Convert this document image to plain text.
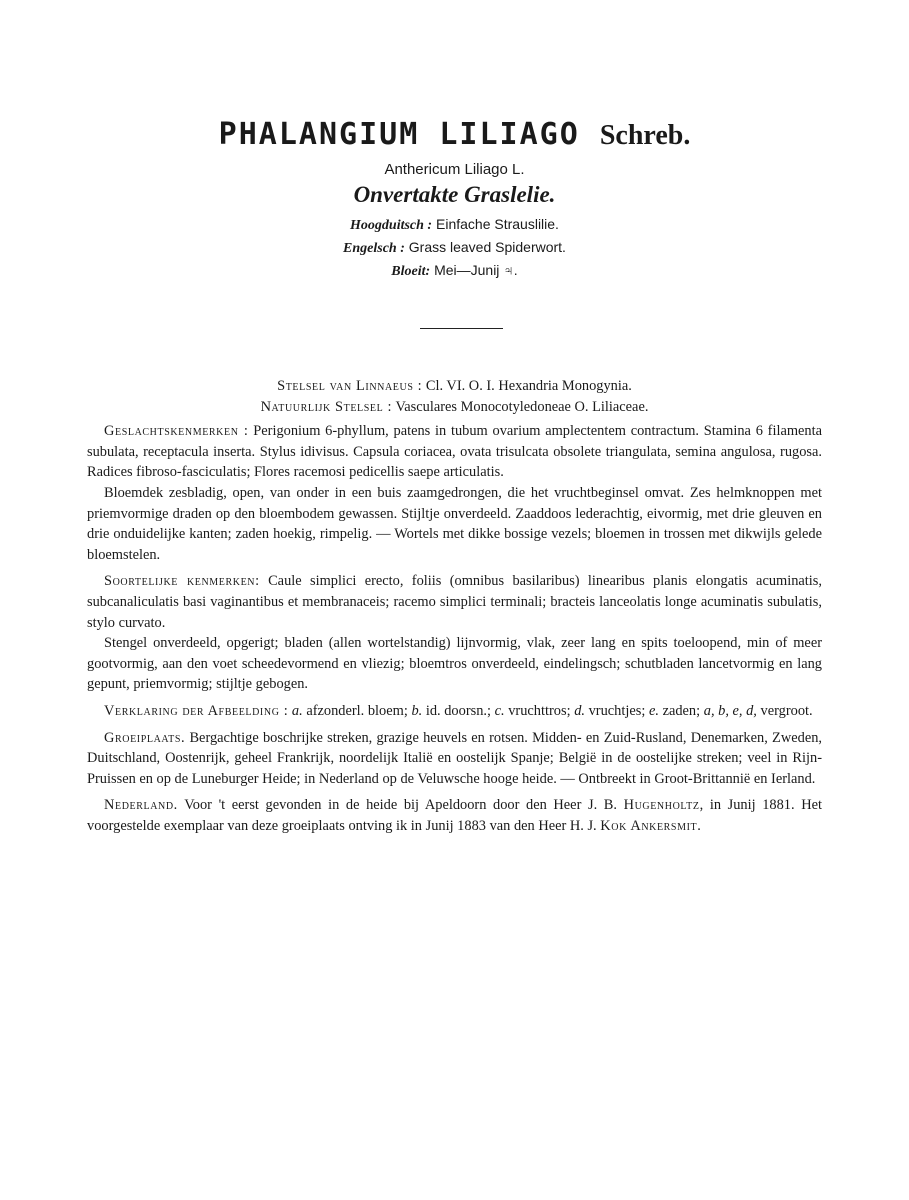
PHALANGIUM LILIAGO Schreb.
Anthericum Liliago L.
Onvertakte Graslelie.
Hoogduitsch : Einfache Strauslilie.
Engelsch : Grass leaved Spiderwort.
Bloeit: Mei—Junij ♃.

Stelsel van Linnaeus : Cl. VI. O. I. Hexandria Monogynia.

Natuurlijk Stelsel : Vasculares Monocotyledoneae O. Liliaceae.

Geslachtskenmerken : Perigonium 6-phyllum, patens in tubum ovarium amplectentem contractum. Stamina 6 filamenta subulata, receptacula inserta. Stylus idivisus. Capsula coriacea, ovata trisulcata obsolete triangulata, semina angulosa, rugosa. Radices fibroso-fasciculatis; Flores racemosi pedicellis saepe articulatis.

Bloemdek zesbladig, open, van onder in een buis zaamgedrongen, die het vruchtbeginsel omvat. Zes helmknoppen met priemvormige draden op den bloembodem gewassen. Stijltje onverdeeld. Zaaddoos lederachtig, eivormig, met drie gleuven en drie onduidelijke kanten; zaden hoekig, rimpelig. — Wortels met dikke bossige vezels; bloemen in trossen met dikwijls gelede bloemstelen.

Soortelijke kenmerken: Caule simplici erecto, foliis (omnibus basilaribus) linearibus planis elongatis acuminatis, subcanaliculatis basi vaginantibus et membranaceis; racemo simplici terminali; bracteis lanceolatis longe acuminatis subulatis, stylo curvato.

Stengel onverdeeld, opgerigt; bladen (allen wortelstandig) lijnvormig, vlak, zeer lang en spits toeloopend, min of meer gootvormig, aan den voet scheedevormend en vliezig; bloemtros onverdeeld, eindelingsch; schutbladen lancetvormig en lang gepunt, priemvormig; stijltje gebogen.

Verklaring der Afbeelding : a. afzonderl. bloem; b. id. doorsn.; c. vruchttros; d. vruchtjes; e. zaden; a, b, e, d, vergroot.

Groeiplaats. Bergachtige boschrijke streken, grazige heuvels en rotsen. Midden- en Zuid-Rusland, Denemarken, Zweden, Duitschland, Oostenrijk, geheel Frankrijk, noordelijk Italië en oostelijk Spanje; België in de oostelijke streken; veel in Rijn-Pruissen en op de Luneburger Heide; in Nederland op de Veluwsche hooge heide. — Ontbreekt in Groot-Brittannië en Ierland.

Nederland. Voor 't eerst gevonden in de heide bij Apeldoorn door den Heer J. B. Hugenholtz, in Junij 1881. Het voorgestelde exemplaar van deze groeiplaats ontving ik in Junij 1883 van den Heer H. J. Kok Ankersmit.
